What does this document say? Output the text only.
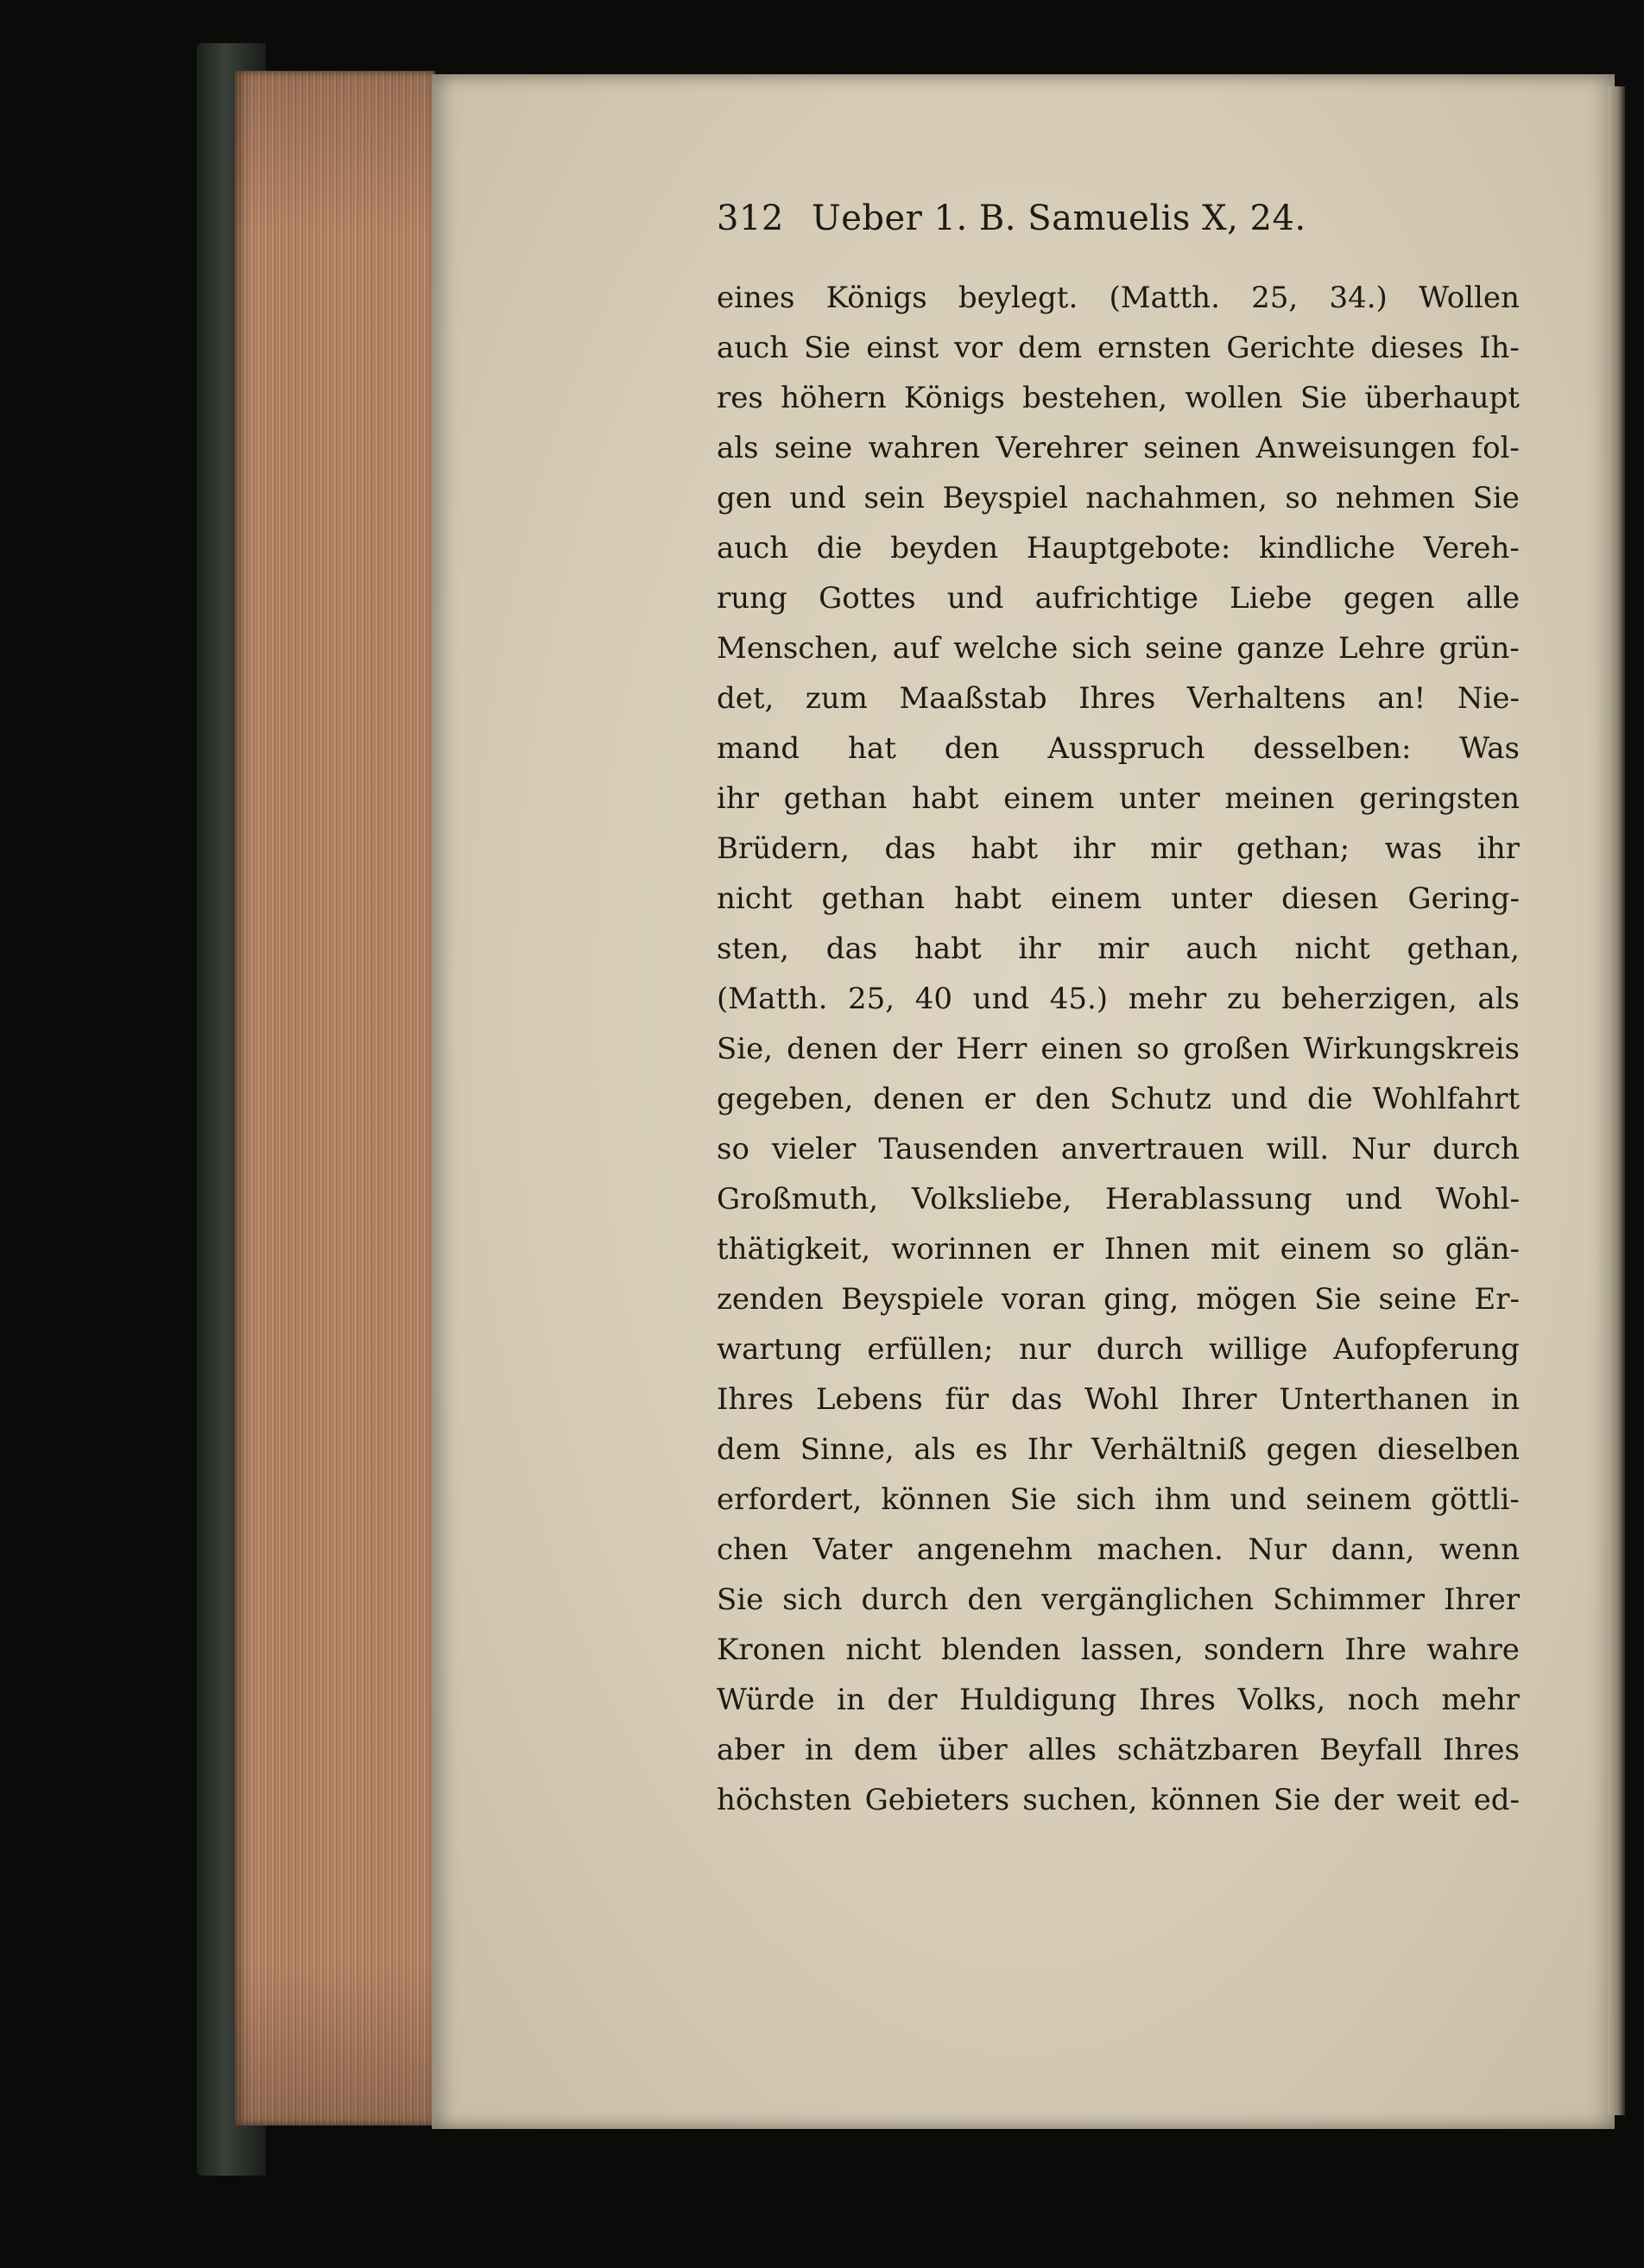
312 Ueber 1. B. Samuelis X, 24.
eines Königs beylegt. (Matth. 25, 34.) Wollen
auch Sie einst vor dem ernsten Gerichte dieses Ih-
res höhern Königs bestehen, wollen Sie überhaupt
als seine wahren Verehrer seinen Anweisungen fol-
gen und sein Beyspiel nachahmen, so nehmen Sie
auch die beyden Hauptgebote: kindliche Vereh-
rung Gottes und aufrichtige Liebe gegen alle
Menschen, auf welche sich seine ganze Lehre grün-
det, zum Maaßstab Ihres Verhaltens an! Nie-
mand hat den Ausspruch desselben: Was
ihr gethan habt einem unter meinen geringsten
Brüdern, das habt ihr mir gethan; was ihr
nicht gethan habt einem unter diesen Gering-
sten, das habt ihr mir auch nicht gethan,
(Matth. 25, 40 und 45.) mehr zu beherzigen, als
Sie, denen der Herr einen so großen Wirkungskreis
gegeben, denen er den Schutz und die Wohlfahrt
so vieler Tausenden anvertrauen will. Nur durch
Großmuth, Volksliebe, Herablassung und Wohl-
thätigkeit, worinnen er Ihnen mit einem so glän-
zenden Beyspiele voran ging, mögen Sie seine Er-
wartung erfüllen; nur durch willige Aufopferung
Ihres Lebens für das Wohl Ihrer Unterthanen in
dem Sinne, als es Ihr Verhältniß gegen dieselben
erfordert, können Sie sich ihm und seinem göttli-
chen Vater angenehm machen. Nur dann, wenn
Sie sich durch den vergänglichen Schimmer Ihrer
Kronen nicht blenden lassen, sondern Ihre wahre
Würde in der Huldigung Ihres Volks, noch mehr
aber in dem über alles schätzbaren Beyfall Ihres
höchsten Gebieters suchen, können Sie der weit ed-
